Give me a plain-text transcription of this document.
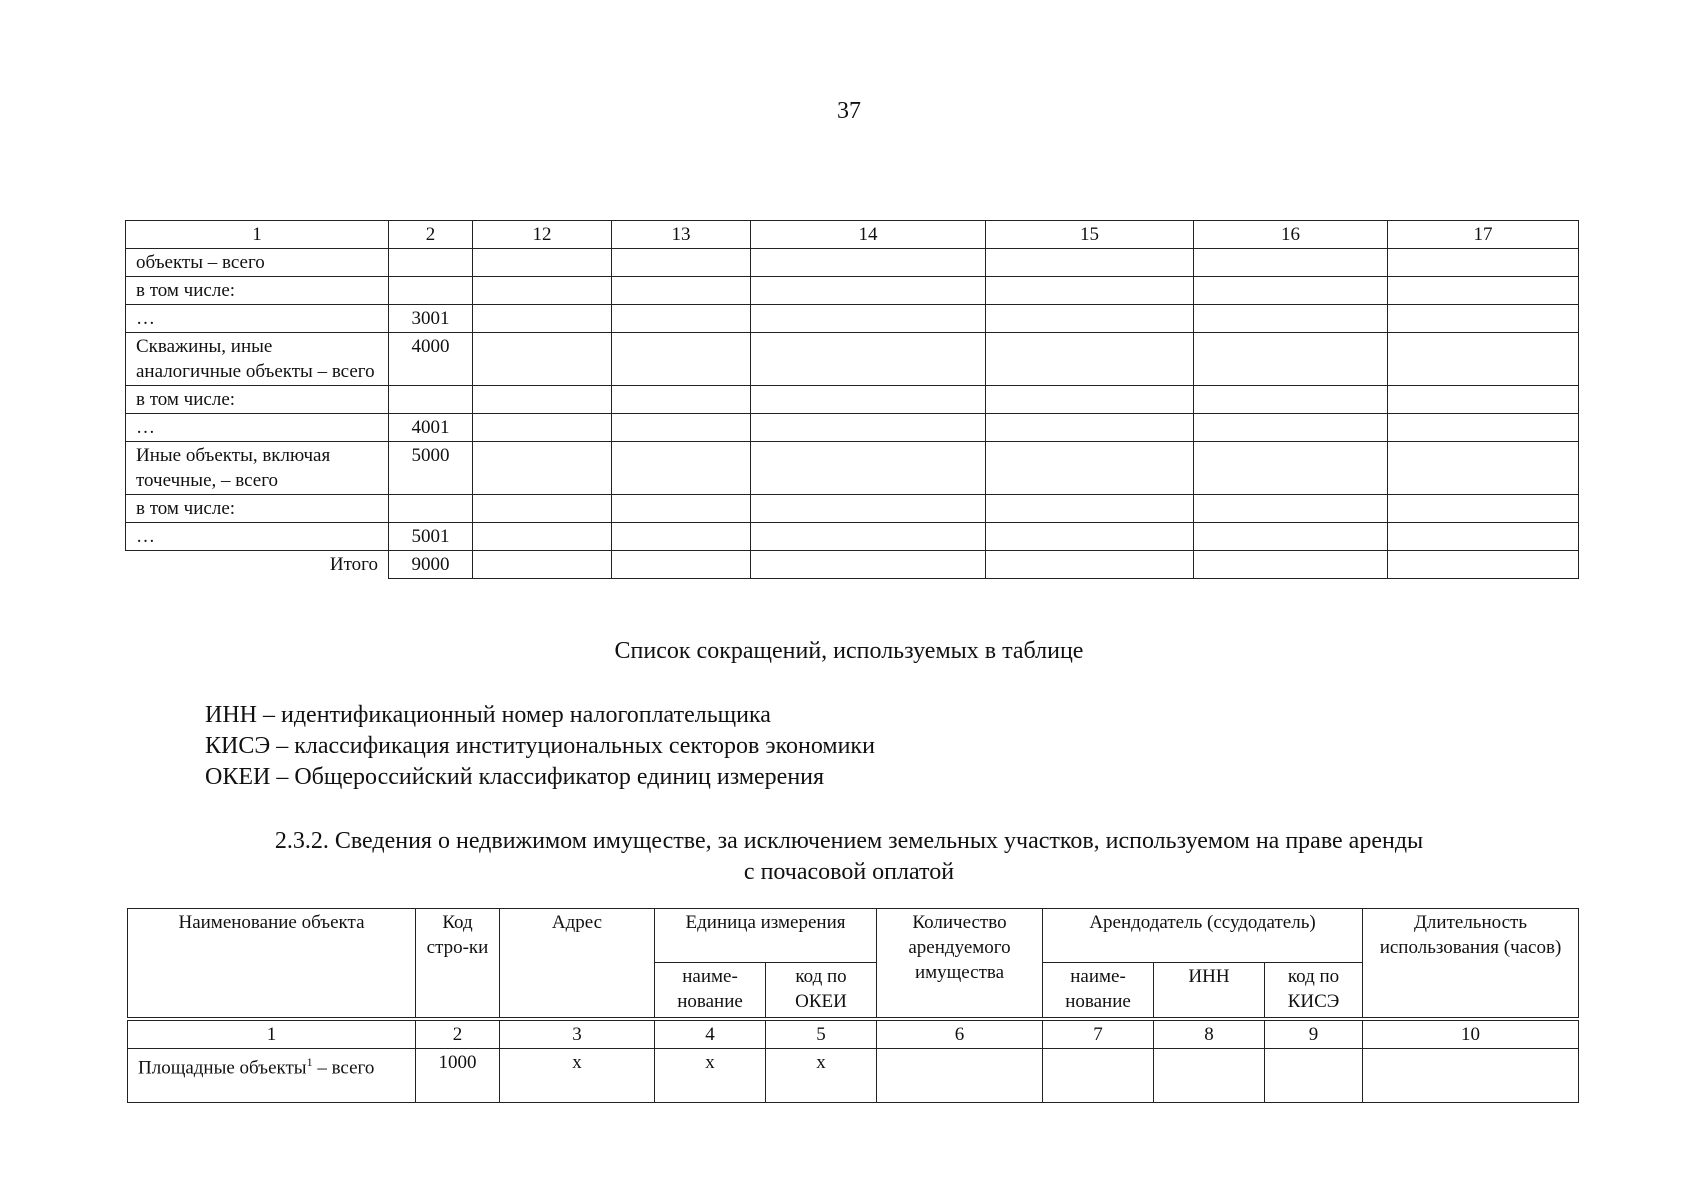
37
1	2	12	13	14	15	16	17
объекты – всего							
в том числе:							
…	3001						
Скважины, иные аналогичные объекты – всего	4000						
в том числе:							
…	4001						
Иные объекты, включая точечные, – всего	5000						
в том числе:							
…	5001						
Итого	9000						
Список сокращений, используемых в таблице
ИНН – идентификационный номер налогоплательщика
КИСЭ – классификация институциональных секторов экономики
ОКЕИ – Общероссийский классификатор единиц измерения
2.3.2. Сведения о недвижимом имуществе, за исключением земельных участков, используемом на праве аренды
с почасовой оплатой
Наименование объекта	Код стро-ки	Адрес	Единица измерения		Количество арендуемого имущества	Арендодатель (ссудодатель)			Длительность использования (часов)
			наиме-нование	код по ОКЕИ		наиме-нование	ИНН	код по КИСЭ	
1	2	3	4	5	6	7	8	9	10
Площадные объекты$^1$ – всего	1000	x	x	x					
